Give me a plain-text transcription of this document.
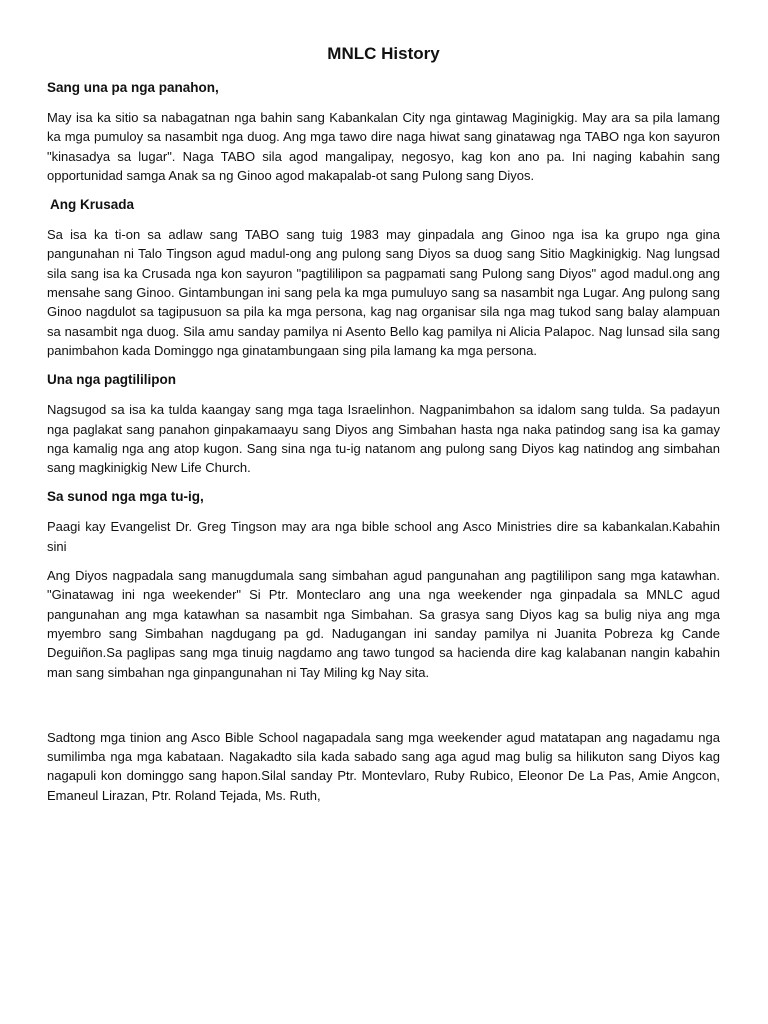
MNLC History
Sang una pa nga panahon,
May isa ka sitio sa nabagatnan nga bahin sang Kabankalan City nga gintawag Maginigkig. May ara sa pila lamang ka mga pumuloy sa nasambit nga duog. Ang mga tawo dire naga hiwat sang ginatawag nga TABO nga kon sayuron "kinasadya sa lugar". Naga TABO sila agod mangalipay, negosyo, kag kon ano pa. Ini naging kabahin sang opportunidad samga Anak sa ng Ginoo agod makapalab-ot sang Pulong sang Diyos.
Ang Krusada
Sa isa ka ti-on sa adlaw sang TABO sang tuig 1983 may ginpadala ang Ginoo nga isa ka grupo nga gina pangunahan ni Talo Tingson agud madul-ong ang pulong sang Diyos sa duog sang Sitio Magkinigkig. Nag lungsad sila sang isa ka Crusada nga kon sayuron "pagtililipon sa pagpamati sang Pulong sang Diyos" agod madul.ong ang mensahe sang Ginoo. Gintambungan ini sang pela ka mga pumuluyo sang sa nasambit nga Lugar. Ang pulong sang Ginoo nagdulot sa tagipusuon sa pila ka mga persona, kag nag organisar sila nga mag tukod sang balay alampuan sa nasambit nga duog. Sila amu sanday pamilya ni Asento Bello kag pamilya ni Alicia Palapoc. Nag lunsad sila sang panimbahon kada Dominggo nga ginatambungaan sing pila lamang ka mga persona.
Una nga pagtililipon
Nagsugod sa isa ka tulda kaangay sang mga taga Israelinhon. Nagpanimbahon sa idalom sang tulda. Sa padayun nga paglakat sang panahon ginpakamaayu sang Diyos ang Simbahan hasta nga naka patindog sang isa ka gamay nga kamalig nga ang atop kugon. Sang sina nga tu-ig natanom ang pulong sang Diyos kag natindog ang simbahan sang magkinigkig New Life Church.
Sa sunod nga mga tu-ig,
Paagi kay Evangelist Dr. Greg Tingson may ara nga bible school ang Asco Ministries dire sa kabankalan.Kabahin sini
Ang Diyos nagpadala sang manugdumala sang simbahan agud pangunahan ang pagtililipon sang mga katawhan. "Ginatawag ini nga weekender" Si Ptr. Monteclaro ang una nga weekender nga ginpadala sa MNLC agud pangunahan ang mga katawhan sa nasambit nga Simbahan. Sa grasya sang Diyos kag sa bulig niya ang mga myembro sang Simbahan nagdugang pa gd. Nadugangan ini sanday pamilya ni Juanita Pobreza kg Cande Deguiñon.Sa paglipas sang mga tinuig nagdamo ang tawo tungod sa hacienda dire kag kalabanan nangin kabahin man sang simbahan nga ginpangunahan ni Tay Miling kg Nay sita.
Sadtong mga tinion ang Asco Bible School nagapadala sang mga weekender agud matatapan ang nagadamu nga sumilimba nga mga kabataan. Nagakadto sila kada sabado sang aga agud mag bulig sa hilikuton sang Diyos kag nagapuli kon dominggo sang hapon.Silal sanday Ptr. Montevlaro, Ruby Rubico, Eleonor De La Pas, Amie Angcon, Emaneul Lirazan, Ptr. Roland Tejada, Ms. Ruth,
